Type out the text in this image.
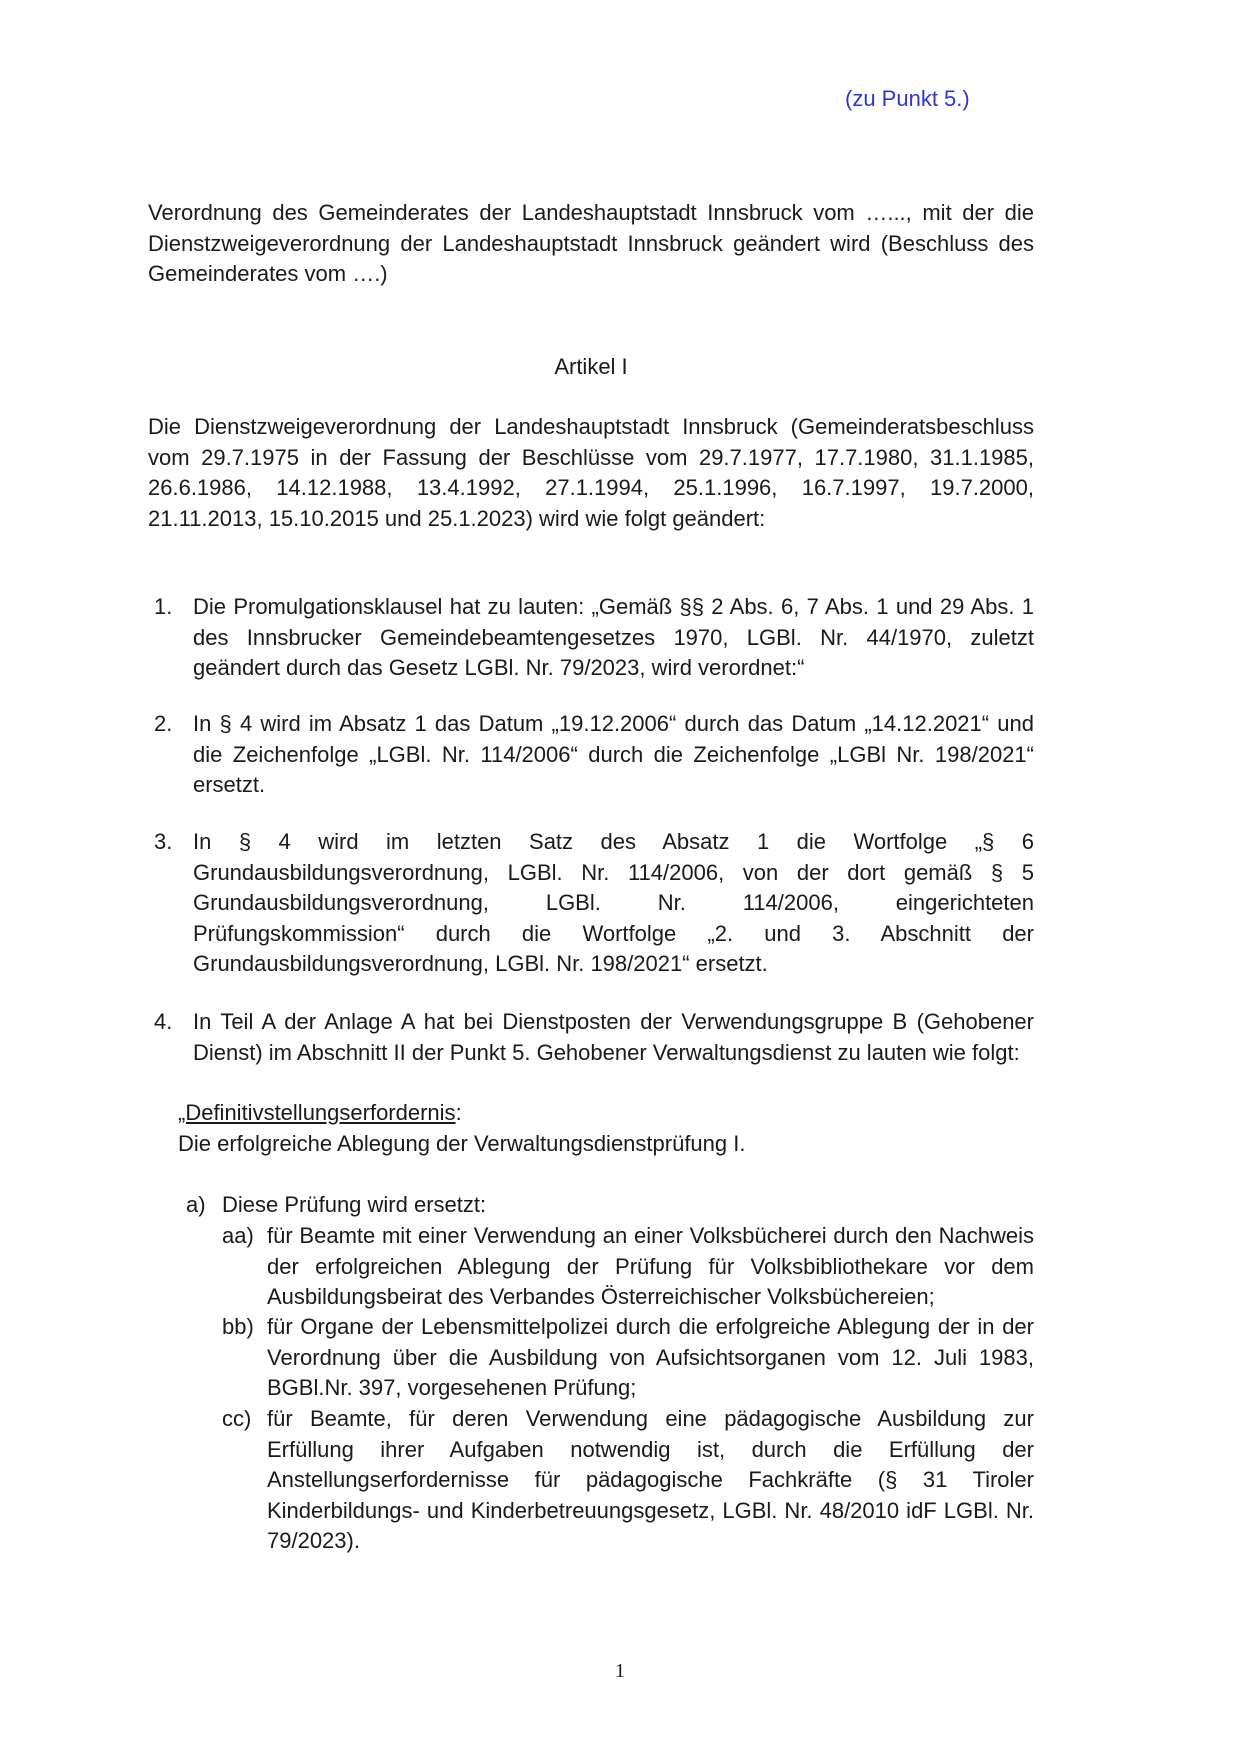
(zu Punkt 5.)
Verordnung des Gemeinderates der Landeshauptstadt Innsbruck vom …..., mit der die Dienstzweigeverordnung der Landeshauptstadt Innsbruck geändert wird (Beschluss des Gemeinderates vom ….)
Artikel I
Die Dienstzweigeverordnung der Landeshauptstadt Innsbruck (Gemeinderatsbeschluss vom 29.7.1975 in der Fassung der Beschlüsse vom 29.7.1977, 17.7.1980, 31.1.1985, 26.6.1986, 14.12.1988, 13.4.1992, 27.1.1994, 25.1.1996, 16.7.1997, 19.7.2000, 21.11.2013, 15.10.2015 und 25.1.2023) wird wie folgt geändert:
1. Die Promulgationsklausel hat zu lauten: „Gemäß §§ 2 Abs. 6, 7 Abs. 1 und 29 Abs. 1 des Innsbrucker Gemeindebeamtengesetzes 1970, LGBl. Nr. 44/1970, zuletzt geändert durch das Gesetz LGBl. Nr. 79/2023, wird verordnet:“
2. In § 4 wird im Absatz 1 das Datum „19.12.2006“ durch das Datum „14.12.2021“ und die Zeichenfolge „LGBl. Nr. 114/2006“ durch die Zeichenfolge „LGBl Nr. 198/2021“ ersetzt.
3. In § 4 wird im letzten Satz des Absatz 1 die Wortfolge „§ 6 Grundausbildungsverordnung, LGBl. Nr. 114/2006, von der dort gemäß § 5 Grundausbildungsverordnung, LGBl. Nr. 114/2006, eingerichteten Prüfungskommission“ durch die Wortfolge „2. und 3. Abschnitt der Grundausbildungsverordnung, LGBl. Nr. 198/2021“ ersetzt.
4. In Teil A der Anlage A hat bei Dienstposten der Verwendungsgruppe B (Gehobener Dienst) im Abschnitt II der Punkt 5. Gehobener Verwaltungsdienst zu lauten wie folgt:
„Definitivstellungserfordernis:
Die erfolgreiche Ablegung der Verwaltungsdienstprüfung I.
a) Diese Prüfung wird ersetzt:
aa) für Beamte mit einer Verwendung an einer Volksbücherei durch den Nachweis der erfolgreichen Ablegung der Prüfung für Volksbibliothekare vor dem Ausbildungsbeirat des Verbandes Österreichischer Volksbüchereien;
bb) für Organe der Lebensmittelpolizei durch die erfolgreiche Ablegung der in der Verordnung über die Ausbildung von Aufsichtsorganen vom 12. Juli 1983, BGBl.Nr. 397, vorgesehenen Prüfung;
cc) für Beamte, für deren Verwendung eine pädagogische Ausbildung zur Erfüllung ihrer Aufgaben notwendig ist, durch die Erfüllung der Anstellungserfordernisse für pädagogische Fachkräfte (§ 31 Tiroler Kinderbildungs- und Kinderbetreuungsgesetz, LGBl. Nr. 48/2010 idF LGBl. Nr. 79/2023).
1
